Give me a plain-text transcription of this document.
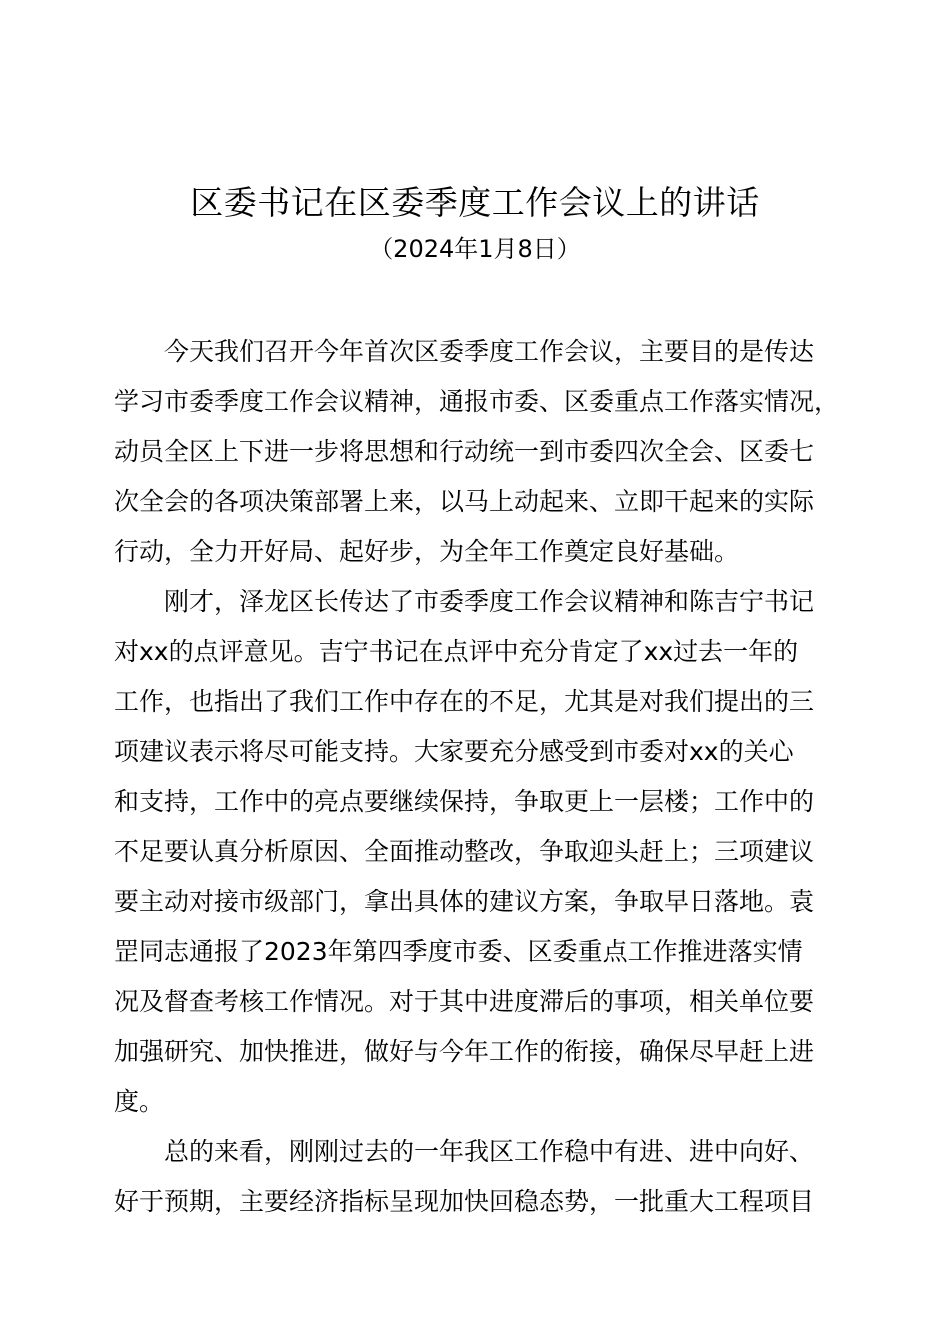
区委书记在区委季度工作会议上的讲话
（2024年1月8日）
今天我们召开今年首次区委季度工作会议，主要目的是传达
学习市委季度工作会议精神，通报市委、区委重点工作落实情况，
动员全区上下进一步将思想和行动统一到市委四次全会、区委七
次全会的各项决策部署上来，以马上动起来、立即干起来的实际
行动，全力开好局、起好步，为全年工作奠定良好基础。
刚才，泽龙区长传达了市委季度工作会议精神和陈吉宁书记
对xx的点评意见。吉宁书记在点评中充分肯定了xx过去一年的
工作，也指出了我们工作中存在的不足，尤其是对我们提出的三
项建议表示将尽可能支持。大家要充分感受到市委对xx的关心
和支持，工作中的亮点要继续保持，争取更上一层楼；工作中的
不足要认真分析原因、全面推动整改，争取迎头赶上；三项建议
要主动对接市级部门，拿出具体的建议方案，争取早日落地。袁
罡同志通报了2023年第四季度市委、区委重点工作推进落实情
况及督查考核工作情况。对于其中进度滞后的事项，相关单位要
加强研究、加快推进，做好与今年工作的衔接，确保尽早赶上进
度。
总的来看，刚刚过去的一年我区工作稳中有进、进中向好、
好于预期，主要经济指标呈现加快回稳态势，一批重大工程项目
